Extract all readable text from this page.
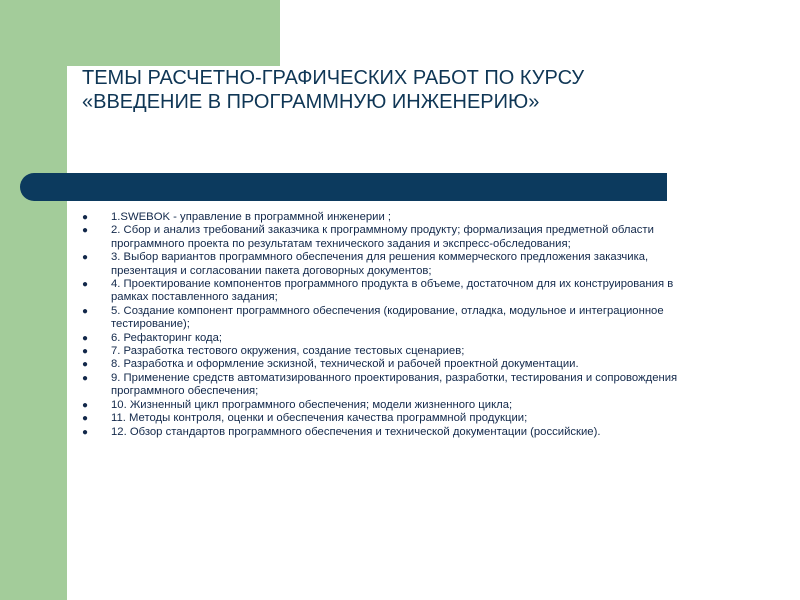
ТЕМЫ РАСЧЕТНО-ГРАФИЧЕСКИХ РАБОТ ПО КУРСУ
«ВВЕДЕНИЕ В ПРОГРАММНУЮ ИНЖЕНЕРИЮ»
● 1.SWEBOK - управление в программной инженерии ;
● 2. Сбор и анализ требований заказчика к программному продукту; формализация предметной области программного проекта по результатам технического задания и экспресс-обследования;
● 3. Выбор вариантов программного обеспечения для решения коммерческого предложения заказчика, презентация и согласовании пакета договорных документов;
● 4. Проектирование компонентов программного продукта в объеме, достаточном для их конструирования в рамках поставленного задания;
● 5. Создание компонент программного обеспечения (кодирование, отладка, модульное и интеграционное тестирование);
● 6. Рефакторинг кода;
● 7. Разработка тестового окружения, создание тестовых сценариев;
● 8. Разработка и оформление эскизной, технической и рабочей проектной документации.
● 9. Применение средств автоматизированного проектирования, разработки, тестирования и сопровождения программного обеспечения;
● 10. Жизненный цикл программного обеспечения; модели жизненного цикла;
● 11. Методы контроля, оценки и обеспечения качества программной продукции;
● 12. Обзор стандартов программного обеспечения и технической документации (российские).
